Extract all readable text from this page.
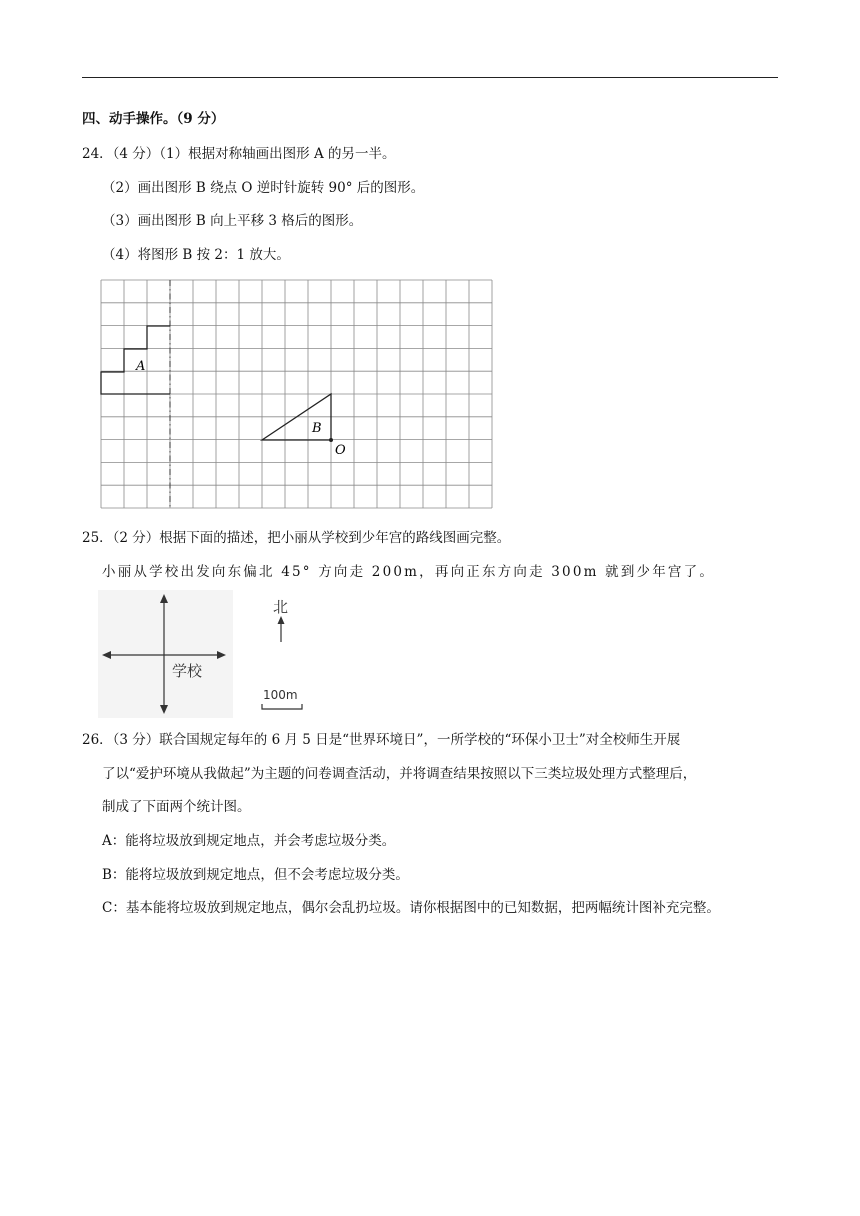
四、动手操作。（9 分）
24．（4 分）（1）根据对称轴画出图形 A 的另一半。
（2）画出图形 B 绕点 O 逆时针旋转 90° 后的图形。
（3）画出图形 B 向上平移 3 格后的图形。
（4）将图形 B 按 2：1 放大。
A
B
O
25．（2 分）根据下面的描述，把小丽从学校到少年宫的路线图画完整。
小丽从学校出发向东偏北 45° 方向走 200m，再向正东方向走 300m 就到少年宫了。
学校
北
100m
26．（3 分）联合国规定每年的 6 月 5 日是“世界环境日”，一所学校的“环保小卫士”对全校师生开展
了以“爱护环境从我做起”为主题的问卷调查活动，并将调查结果按照以下三类垃圾处理方式整理后，
制成了下面两个统计图。
A：能将垃圾放到规定地点，并会考虑垃圾分类。
B：能将垃圾放到规定地点，但不会考虑垃圾分类。
C：基本能将垃圾放到规定地点，偶尔会乱扔垃圾。请你根据图中的已知数据，把两幅统计图补充完整。
